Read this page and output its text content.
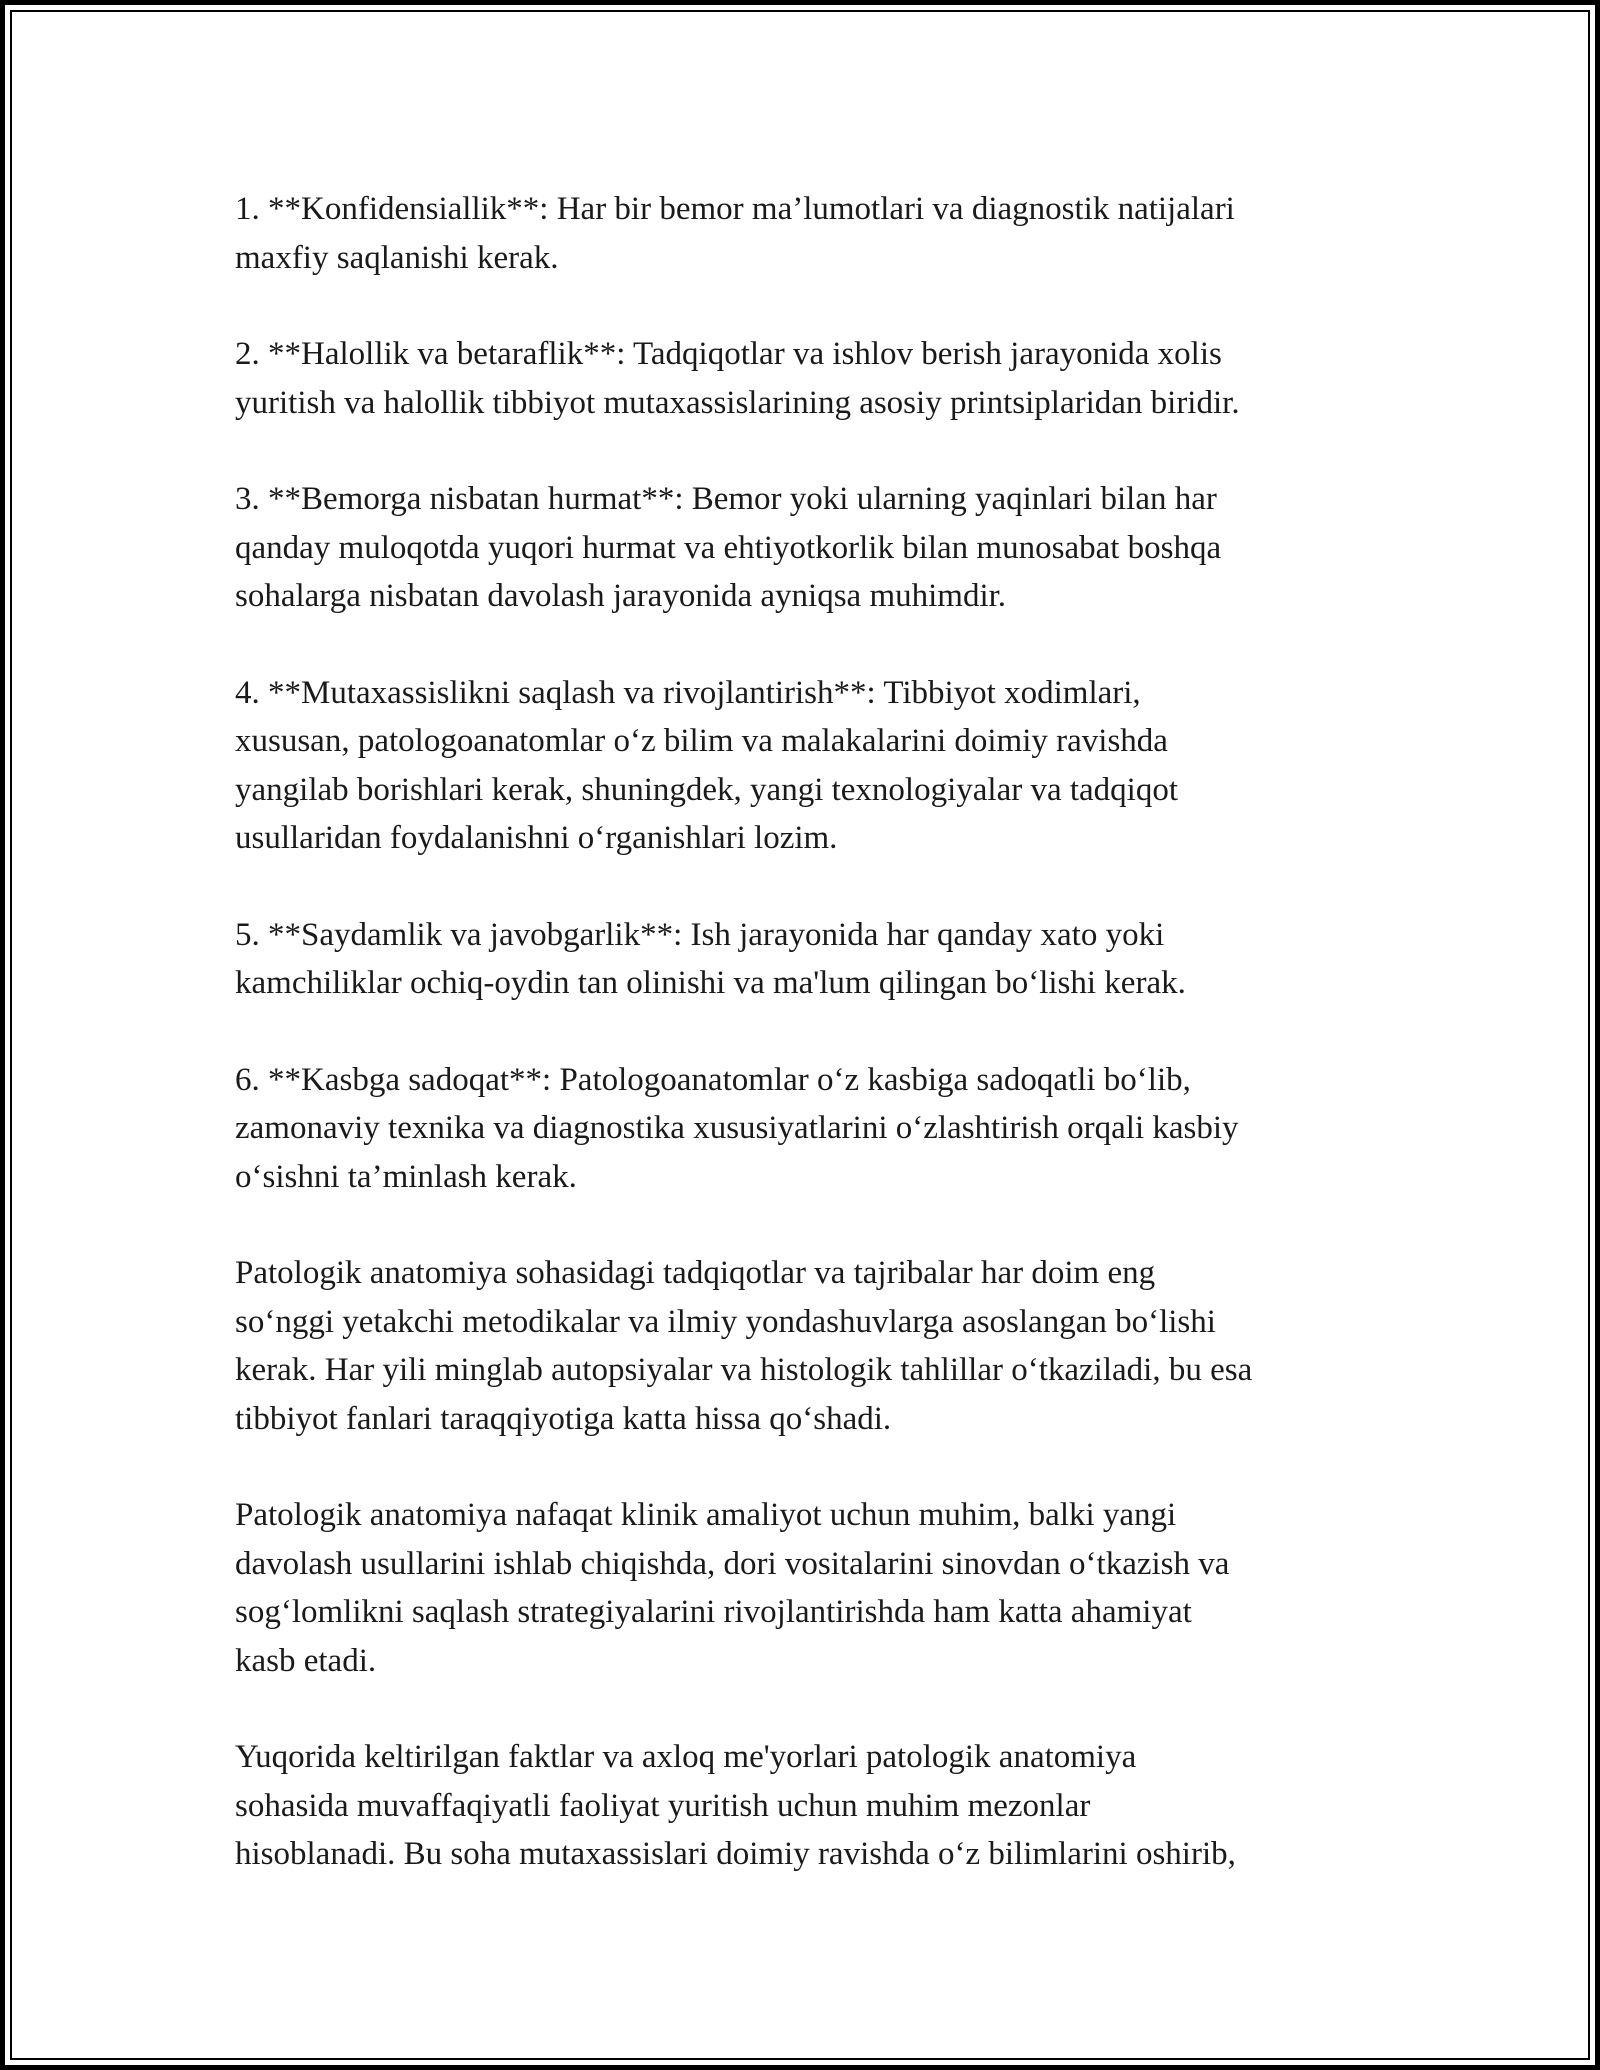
1. **Konfidensiallik**: Har bir bemor ma’lumotlari va diagnostik natijalari
maxfiy saqlanishi kerak.

2. **Halollik va betaraflik**: Tadqiqotlar va ishlov berish jarayonida xolis
yuritish va halollik tibbiyot mutaxassislarining asosiy printsiplaridan biridir.

3. **Bemorga nisbatan hurmat**: Bemor yoki ularning yaqinlari bilan har
qanday muloqotda yuqori hurmat va ehtiyotkorlik bilan munosabat boshqa
sohalarga nisbatan davolash jarayonida ayniqsa muhimdir.

4. **Mutaxassislikni saqlash va rivojlantirish**: Tibbiyot xodimlari,
xususan, patologoanatomlar o‘z bilim va malakalarini doimiy ravishda
yangilab borishlari kerak, shuningdek, yangi texnologiyalar va tadqiqot
usullaridan foydalanishni o‘rganishlari lozim.

5. **Saydamlik va javobgarlik**: Ish jarayonida har qanday xato yoki
kamchiliklar ochiq-oydin tan olinishi va ma'lum qilingan bo‘lishi kerak.

6. **Kasbga sadoqat**: Patologoanatomlar o‘z kasbiga sadoqatli bo‘lib,
zamonaviy texnika va diagnostika xususiyatlarini o‘zlashtirish orqali kasbiy
o‘sishni ta’minlash kerak.

Patologik anatomiya sohasidagi tadqiqotlar va tajribalar har doim eng
so‘nggi yetakchi metodikalar va ilmiy yondashuvlarga asoslangan bo‘lishi
kerak. Har yili minglab autopsiyalar va histologik tahlillar o‘tkaziladi, bu esa
tibbiyot fanlari taraqqiyotiga katta hissa qo‘shadi.

Patologik anatomiya nafaqat klinik amaliyot uchun muhim, balki yangi
davolash usullarini ishlab chiqishda, dori vositalarini sinovdan o‘tkazish va
sog‘lomlikni saqlash strategiyalarini rivojlantirishda ham katta ahamiyat
kasb etadi.

Yuqorida keltirilgan faktlar va axloq me'yorlari patologik anatomiya
sohasida muvaffaqiyatli faoliyat yuritish uchun muhim mezonlar
hisoblanadi. Bu soha mutaxassislari doimiy ravishda o‘z bilimlarini oshirib,
